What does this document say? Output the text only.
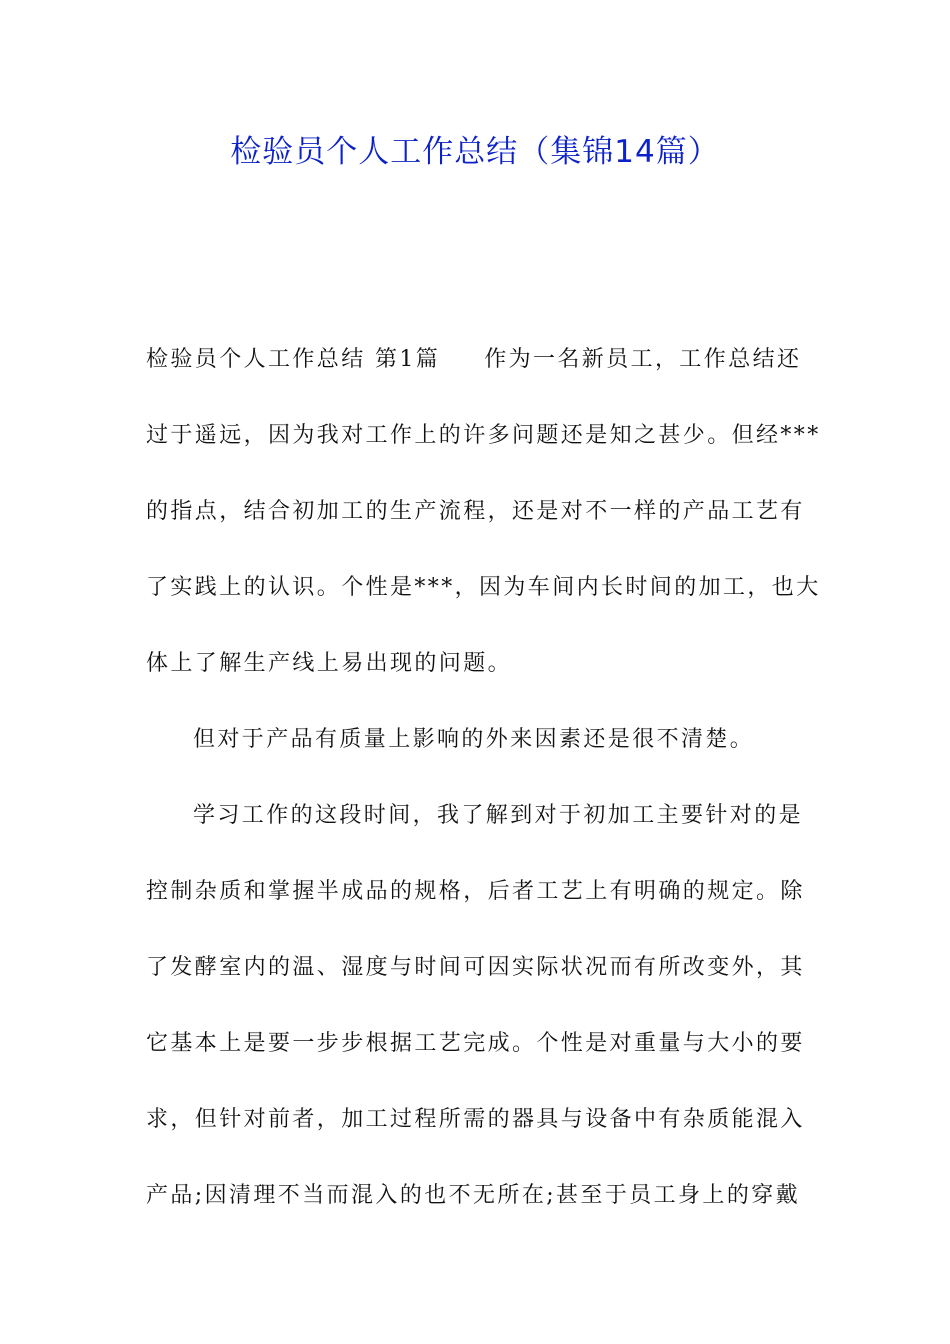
检验员个人工作总结（集锦14篇）
检验员个人工作总结 第1篇 作为一名新员工，工作总结还
过于遥远，因为我对工作上的许多问题还是知之甚少。但经***
的指点，结合初加工的生产流程，还是对不一样的产品工艺有
了实践上的认识。个性是***，因为车间内长时间的加工，也大
体上了解生产线上易出现的问题。
但对于产品有质量上影响的外来因素还是很不清楚。
学习工作的这段时间，我了解到对于初加工主要针对的是
控制杂质和掌握半成品的规格，后者工艺上有明确的规定。除
了发酵室内的温、湿度与时间可因实际状况而有所改变外，其
它基本上是要一步步根据工艺完成。个性是对重量与大小的要
求，但针对前者，加工过程所需的器具与设备中有杂质能混入
产品;因清理不当而混入的也不无所在;甚至于员工身上的穿戴
